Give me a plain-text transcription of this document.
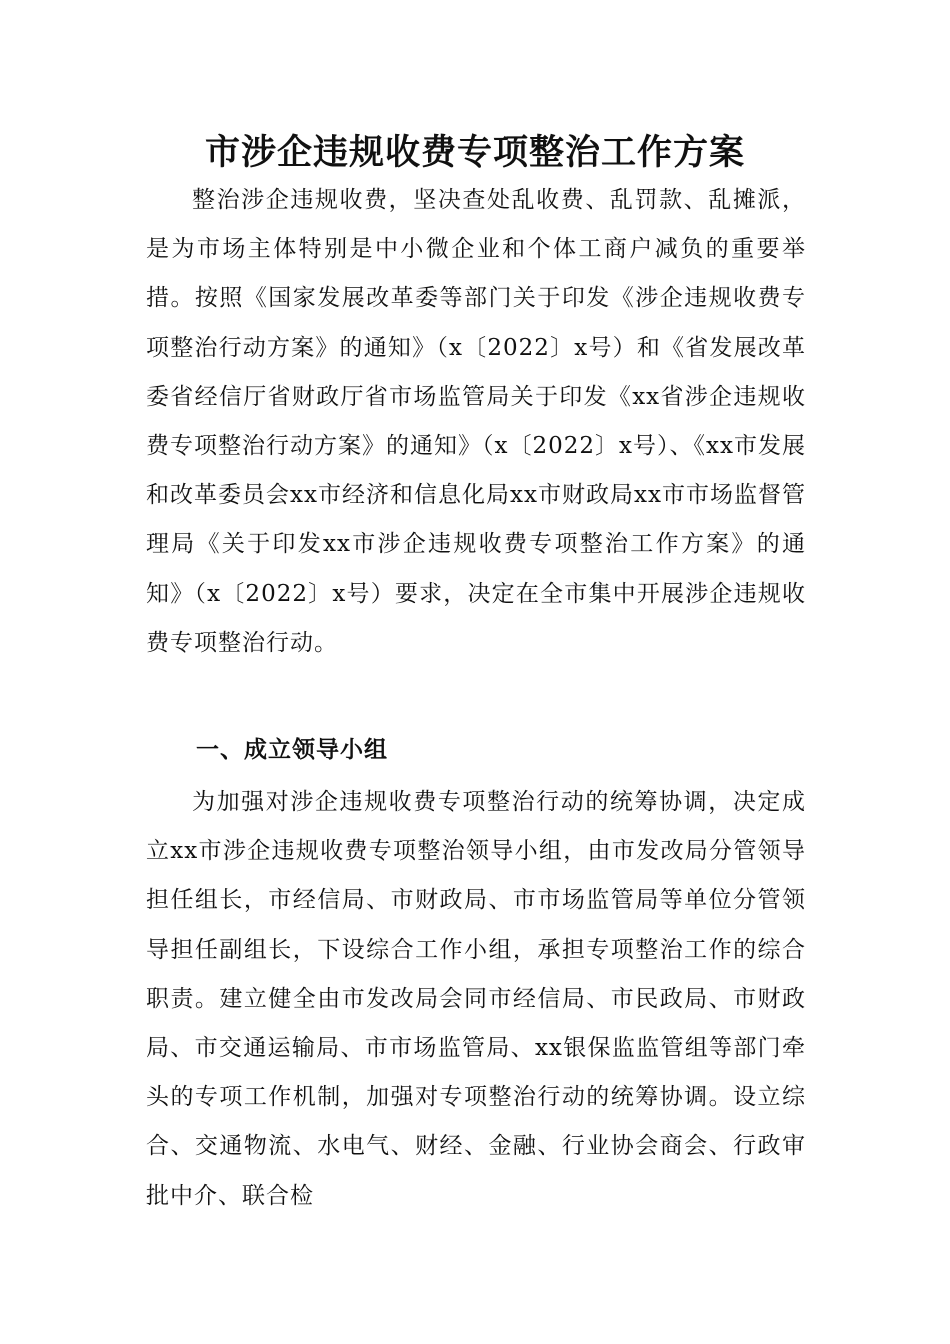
市涉企违规收费专项整治工作方案

整治涉企违规收费，坚决查处乱收费、乱罚款、乱摊派，是为市场主体特别是中小微企业和个体工商户减负的重要举措。按照《国家发展改革委等部门关于印发《涉企违规收费专项整治行动方案》的通知》（x〔2022〕x号）和《省发展改革委省经信厅省财政厅省市场监管局关于印发《xx省涉企违规收费专项整治行动方案》的通知》（x〔2022〕x号）、《xx市发展和改革委员会xx市经济和信息化局xx市财政局xx市市场监督管理局《关于印发xx市涉企违规收费专项整治工作方案》的通知》（x〔2022〕x号）要求，决定在全市集中开展涉企违规收费专项整治行动。

一、成立领导小组

为加强对涉企违规收费专项整治行动的统筹协调，决定成立xx市涉企违规收费专项整治领导小组，由市发改局分管领导担任组长，市经信局、市财政局、市市场监管局等单位分管领导担任副组长，下设综合工作小组，承担专项整治工作的综合职责。建立健全由市发改局会同市经信局、市民政局、市财政局、市交通运输局、市市场监管局、xx银保监监管组等部门牵头的专项工作机制，加强对专项整治行动的统筹协调。设立综合、交通物流、水电气、财经、金融、行业协会商会、行政审批中介、联合检
